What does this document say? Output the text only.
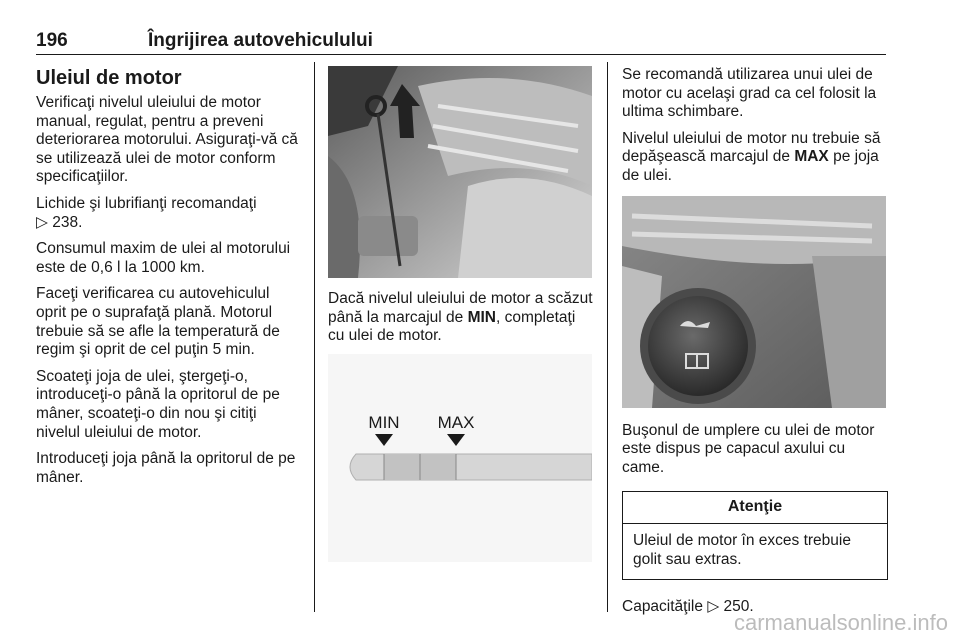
196	Îngrijirea autovehiculului
Uleiul de motor

Verificaţi nivelul uleiului de motor manual, regulat, pentru a preveni deteriorarea motorului. Asiguraţi-vă că se utilizează ulei de motor conform specificaţiilor.

Lichide şi lubrifianţi recomandaţi
▷ 238.

Consumul maxim de ulei al motorului este de 0,6 l la 1000 km.

Faceţi verificarea cu autovehiculul oprit pe o suprafaţă plană. Motorul trebuie să se afle la temperatură de regim şi oprit de cel puţin 5 min.

Scoateţi joja de ulei, ştergeţi-o, introduceţi-o până la opritorul de pe mâner, scoateţi-o din nou şi citiţi nivelul uleiului de motor.

Introduceţi joja până la opritorul de pe mâner.

Dacă nivelul uleiului de motor a scăzut până la marcajul de MIN, completaţi cu ulei de motor.

MIN MAX

Se recomandă utilizarea unui ulei de motor cu acelaşi grad ca cel folosit la ultima schimbare.

Nivelul uleiului de motor nu trebuie să depăşească marcajul de MAX pe joja de ulei.

Buşonul de umplere cu ulei de motor este dispus pe capacul axului cu came.

Atenţie
Uleiul de motor în exces trebuie golit sau extras.

Capacităţile ▷ 250.

carmanualsonline.info
